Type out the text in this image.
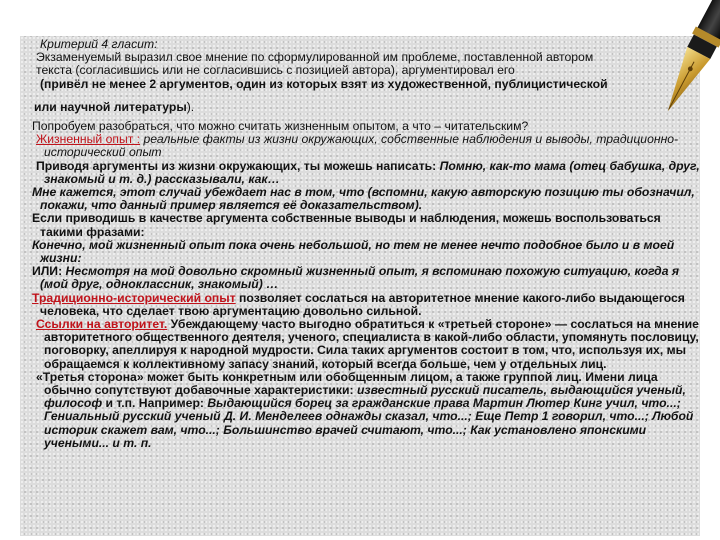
Критерий 4 гласит:

Экзаменуемый выразил свое мнение по сформулированной им проблеме, поставленной автором

текста (согласившись или не согласившись с позицией автора), аргументировал его

(привёл не менее 2 аргументов, один из которых взят из художественной, публицистической

или научной литературы).

Попробуем разобраться, что можно считать жизненным опытом, а что – читательским?

Жизненный опыт : реальные факты из жизни окружающих, собственные наблюдения и выводы, традиционно- исторический опыт

Приводя аргументы из жизни окружающих, ты можешь написать: Помню, как-то мама (отец бабушка, друг, знакомый и т. д.) рассказывали, как…

Мне кажется, этот случай убеждает нас в том, что (вспомни, какую авторскую позицию ты обозначил, покажи, что данный пример является её доказательством).

Если приводишь в качестве аргумента собственные выводы и наблюдения, можешь воспользоваться такими фразами:

Конечно, мой жизненный опыт пока очень небольшой, но тем не менее нечто подобное было и в моей жизни:

ИЛИ: Несмотря на мой довольно скромный жизненный опыт, я вспоминаю похожую ситуацию, когда я (мой друг, одноклассник, знакомый) …

Традиционно-исторический опыт позволяет сослаться на авторитетное мнение какого-либо выдающегося человека, что сделает твою аргументацию довольно сильной.

Ссылки на авторитет. Убеждающему часто выгодно обратиться к «третьей стороне» — сослаться на мнение авторитетного общественного деятеля, ученого, специалиста в какой-либо области, упомянуть пословицу, поговорку, апеллируя к народной мудрости. Сила таких аргументов состоит в том, что, используя их, мы обращаемся к коллективному запасу знаний, который всегда больше, чем у отдельных лиц.

«Третья сторона» может быть конкретным или обобщенным лицом, а также группой лиц. Имени лица обычно сопутствуют добавочные характеристики: известный русский писатель, выдающийся ученый, философ и т.п. Например: Выдающийся борец за гражданские права Мартин Лютер Кинг учил, что...; Гениальный русский ученый Д. И. Менделеев однажды сказал, что...; Еще Петр 1 говорил, что...; Любой историк скажет вам, что...; Большинство врачей считают, что...; Как установлено японскими учеными... и т. п.
